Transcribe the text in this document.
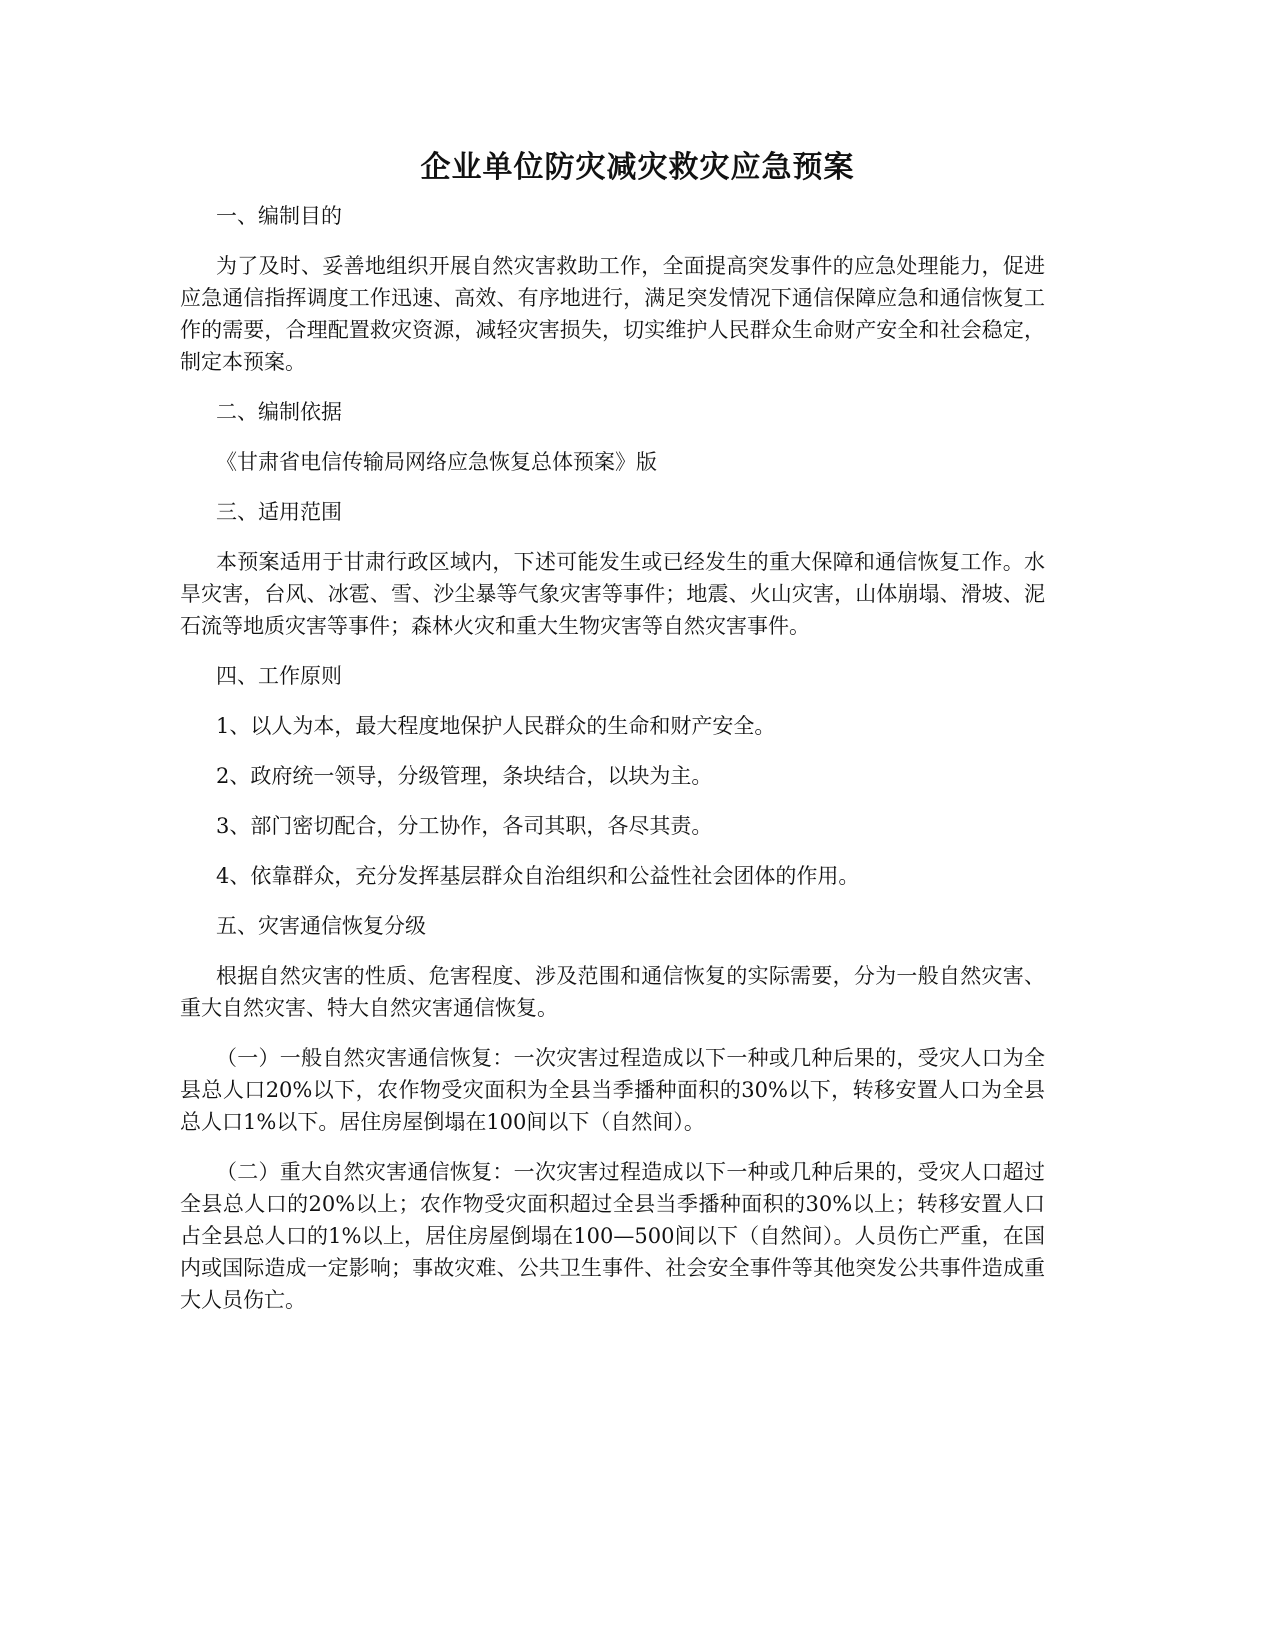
企业单位防灾减灾救灾应急预案

一、编制目的

为了及时、妥善地组织开展自然灾害救助工作，全面提高突发事件的应急处理能力，促进应急通信指挥调度工作迅速、高效、有序地进行，满足突发情况下通信保障应急和通信恢复工作的需要，合理配置救灾资源，减轻灾害损失，切实维护人民群众生命财产安全和社会稳定，制定本预案。

二、编制依据

《甘肃省电信传输局网络应急恢复总体预案》版

三、适用范围

本预案适用于甘肃行政区域内，下述可能发生或已经发生的重大保障和通信恢复工作。水旱灾害，台风、冰雹、雪、沙尘暴等气象灾害等事件；地震、火山灾害，山体崩塌、滑坡、泥石流等地质灾害等事件；森林火灾和重大生物灾害等自然灾害事件。

四、工作原则

1、以人为本，最大程度地保护人民群众的生命和财产安全。

2、政府统一领导，分级管理，条块结合，以块为主。

3、部门密切配合，分工协作，各司其职，各尽其责。

4、依靠群众，充分发挥基层群众自治组织和公益性社会团体的作用。

五、灾害通信恢复分级

根据自然灾害的性质、危害程度、涉及范围和通信恢复的实际需要，分为一般自然灾害、重大自然灾害、特大自然灾害通信恢复。

（一）一般自然灾害通信恢复：一次灾害过程造成以下一种或几种后果的，受灾人口为全县总人口20%以下，农作物受灾面积为全县当季播种面积的30%以下，转移安置人口为全县总人口1%以下。居住房屋倒塌在100间以下（自然间）。

（二）重大自然灾害通信恢复：一次灾害过程造成以下一种或几种后果的，受灾人口超过全县总人口的20%以上；农作物受灾面积超过全县当季播种面积的30%以上；转移安置人口占全县总人口的1%以上，居住房屋倒塌在100—500间以下（自然间）。人员伤亡严重，在国内或国际造成一定影响；事故灾难、公共卫生事件、社会安全事件等其他突发公共事件造成重大人员伤亡。
